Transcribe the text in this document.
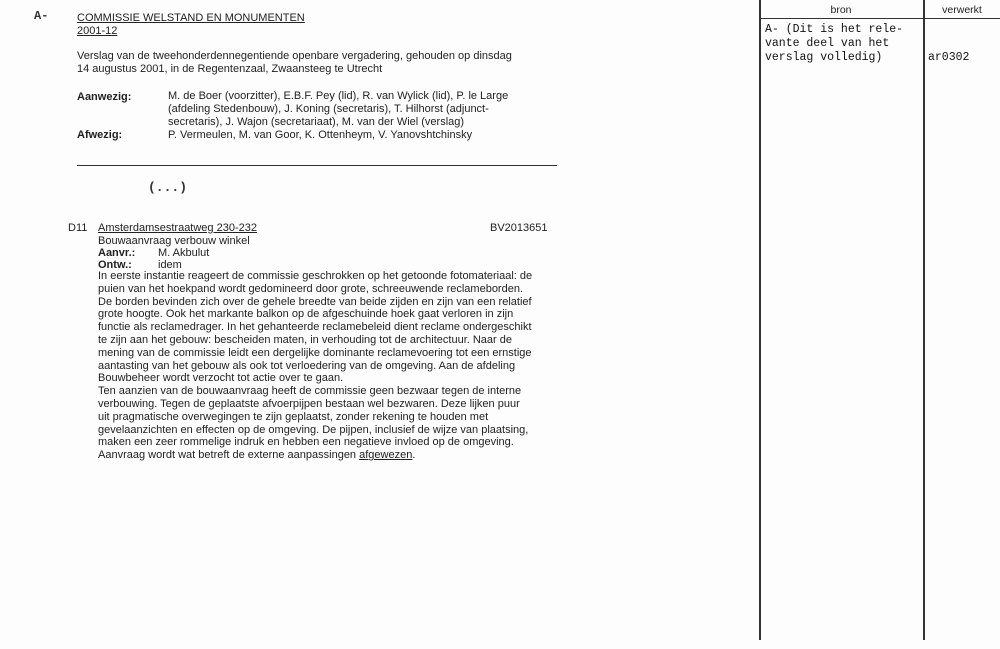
A-	COMMISSIE WELSTAND EN MONUMENTEN
2001-12
Verslag van de tweehonderdennegentiende openbare vergadering, gehouden op dinsdag
14 augustus 2001, in de Regentenzaal, Zwaansteeg te Utrecht
Aanwezig:	M. de Boer (voorzitter), E.B.F. Pey (lid), R. van Wylick (lid), P. le Large
(afdeling Stedenbouw), J. Koning (secretaris), T. Hilhorst (adjunct-
secretaris), J. Wajon (secretariaat), M. van der Wiel (verslag)
Afwezig:	P. Vermeulen, M. van Goor, K. Ottenheym, V. Yanovshtchinsky
(...)
D11 Amsterdamsestraatweg 230-232	BV2013651
Bouwaanvraag verbouw winkel
Aanvr.: M. Akbulut
Ontw.: idem
In eerste instantie reageert de commissie geschrokken op het getoonde fotomateriaal: de
puien van het hoekpand wordt gedomineerd door grote, schreeuwende reclameborden.
De borden bevinden zich over de gehele breedte van beide zijden en zijn van een relatief
grote hoogte. Ook het markante balkon op de afgeschuinde hoek gaat verloren in zijn
functie als reclamedrager. In het gehanteerde reclamebeleid dient reclame ondergeschikt
te zijn aan het gebouw: bescheiden maten, in verhouding tot de architectuur. Naar de
mening van de commissie leidt een dergelijke dominante reclamevoering tot een ernstige
aantasting van het gebouw als ook tot verloedering van de omgeving. Aan de afdeling
Bouwbeheer wordt verzocht tot actie over te gaan.
Ten aanzien van de bouwaanvraag heeft de commissie geen bezwaar tegen de interne
verbouwing. Tegen de geplaatste afvoerpijpen bestaan wel bezwaren. Deze lijken puur
uit pragmatische overwegingen te zijn geplaatst, zonder rekening te houden met
gevelaanzichten en effecten op de omgeving. De pijpen, inclusief de wijze van plaatsing,
maken een zeer rommelige indruk en hebben een negatieve invloed op de omgeving.
Aanvraag wordt wat betreft de externe aanpassingen afgewezen.
bron	verwerkt
A- (Dit is het rele-
vante deel van het
verslag volledig)	ar0302
